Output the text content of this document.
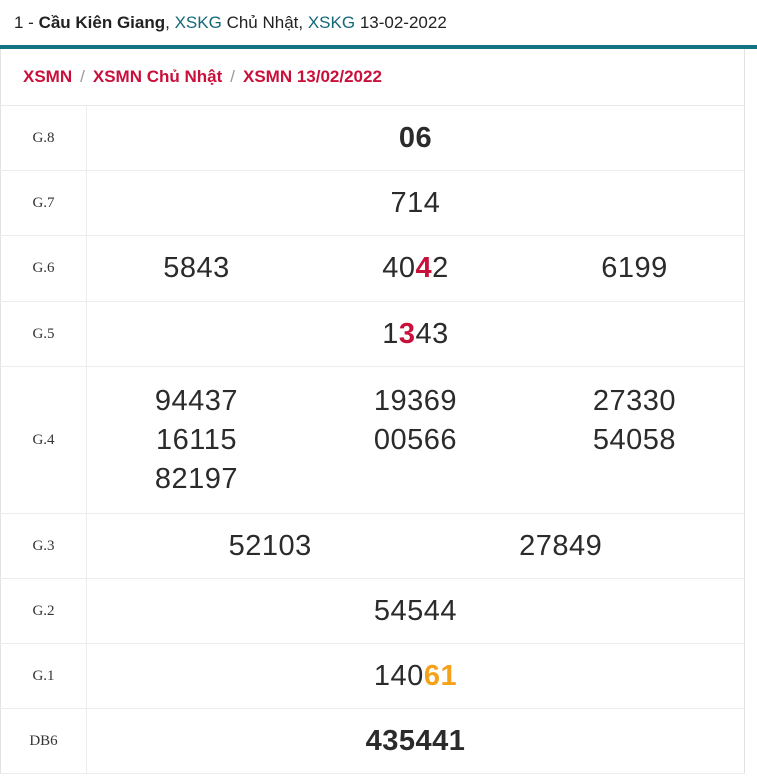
1 - Cầu Kiên Giang, XSKG Chủ Nhật, XSKG 13-02-2022
XSMN / XSMN Chủ Nhật / XSMN 13/02/2022
G.8	06

G.7	714

G.6	5843 4042 6199

G.5	1343

G.4	
94437	19369	27330
16115	00566	54058
82197

G.3	52103 27849

G.2	54544

G.1	14061

DB6	435441
